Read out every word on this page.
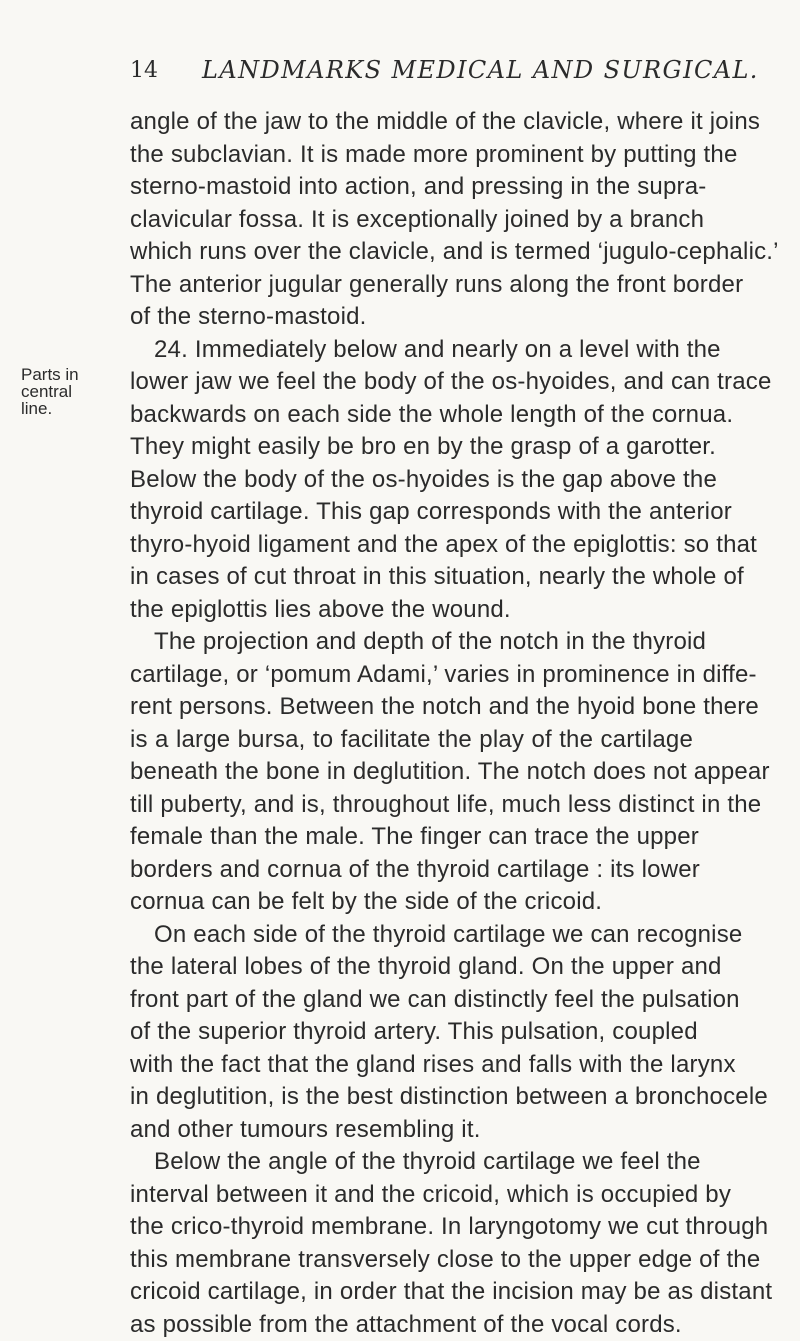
14 LANDMARKS MEDICAL AND SURGICAL.
Parts in
central
line.
angle of the jaw to the middle of the clavicle, where it joins
the subclavian. It is made more prominent by putting the
sterno-mastoid into action, and pressing in the supra-
clavicular fossa. It is exceptionally joined by a branch
which runs over the clavicle, and is termed ‘jugulo-cephalic.’
The anterior jugular generally runs along the front border
of the sterno-mastoid.
24. Immediately below and nearly on a level with the
lower jaw we feel the body of the os-hyoides, and can trace
backwards on each side the whole length of the cornua.
They might easily be bro en by the grasp of a garotter.
Below the body of the os-hyoides is the gap above the
thyroid cartilage. This gap corresponds with the anterior
thyro-hyoid ligament and the apex of the epiglottis: so that
in cases of cut throat in this situation, nearly the whole of
the epiglottis lies above the wound.
The projection and depth of the notch in the thyroid
cartilage, or ‘pomum Adami,’ varies in prominence in diffe-
rent persons. Between the notch and the hyoid bone there
is a large bursa, to facilitate the play of the cartilage
beneath the bone in deglutition. The notch does not appear
till puberty, and is, throughout life, much less distinct in the
female than the male. The finger can trace the upper
borders and cornua of the thyroid cartilage : its lower
cornua can be felt by the side of the cricoid.
On each side of the thyroid cartilage we can recognise
the lateral lobes of the thyroid gland. On the upper and
front part of the gland we can distinctly feel the pulsation
of the superior thyroid artery. This pulsation, coupled
with the fact that the gland rises and falls with the larynx
in deglutition, is the best distinction between a bronchocele
and other tumours resembling it.
Below the angle of the thyroid cartilage we feel the
interval between it and the cricoid, which is occupied by
the crico-thyroid membrane. In laryngotomy we cut through
this membrane transversely close to the upper edge of the
cricoid cartilage, in order that the incision may be as distant
as possible from the attachment of the vocal cords.
